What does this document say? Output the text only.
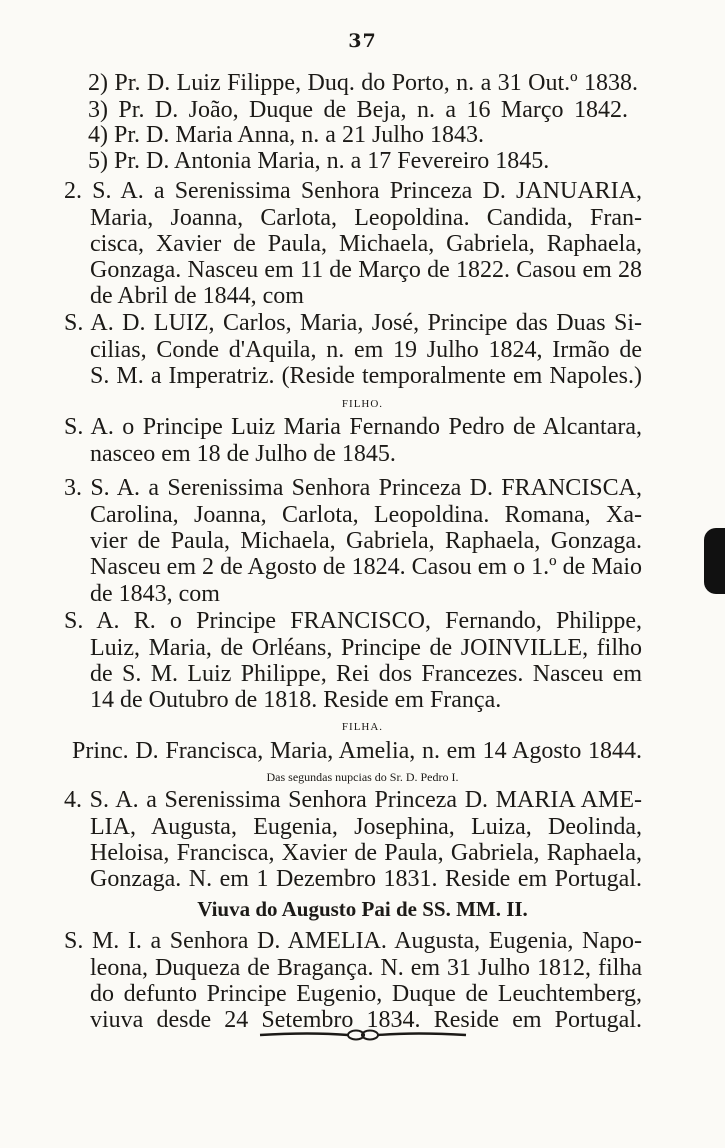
37
2) Pr. D. Luiz Filippe, Duq. do Porto, n. a 31 Out.º 1838.
3) Pr. D. João, Duque de Beja, n. a 16 Março 1842.
4) Pr. D. Maria Anna, n. a 21 Julho 1843.
5) Pr. D. Antonia Maria, n. a 17 Fevereiro 1845.
2. S. A. a Serenissima Senhora Princeza D. JANUARIA,
Maria, Joanna, Carlota, Leopoldina. Candida, Fran-
cisca, Xavier de Paula, Michaela, Gabriela, Raphaela,
Gonzaga. Nasceu em 11 de Março de 1822. Casou em 28
de Abril de 1844, com
S. A. D. LUIZ, Carlos, Maria, José, Principe das Duas Si-
cilias, Conde d'Aquila, n. em 19 Julho 1824, Irmão de
S. M. a Imperatriz. (Reside temporalmente em Napoles.)
FILHO.
S. A. o Principe Luiz Maria Fernando Pedro de Alcantara,
nasceo em 18 de Julho de 1845.
3. S. A. a Serenissima Senhora Princeza D. FRANCISCA,
Carolina, Joanna, Carlota, Leopoldina. Romana, Xa-
vier de Paula, Michaela, Gabriela, Raphaela, Gonzaga.
Nasceu em 2 de Agosto de 1824. Casou em o 1.º de Maio
de 1843, com
S. A. R. o Principe FRANCISCO, Fernando, Philippe,
Luiz, Maria, de Orléans, Principe de JOINVILLE, filho
de S. M. Luiz Philippe, Rei dos Francezes. Nasceu em
14 de Outubro de 1818. Reside em França.
FILHA.
Princ. D. Francisca, Maria, Amelia, n. em 14 Agosto 1844.
Das segundas nupcias do Sr. D. Pedro I.
4. S. A. a Serenissima Senhora Princeza D. MARIA AME-
LIA, Augusta, Eugenia, Josephina, Luiza, Deolinda,
Heloisa, Francisca, Xavier de Paula, Gabriela, Raphaela,
Gonzaga. N. em 1 Dezembro 1831. Reside em Portugal.
Viuva do Augusto Pai de SS. MM. II.
S. M. I. a Senhora D. AMELIA. Augusta, Eugenia, Napo-
leona, Duqueza de Bragança. N. em 31 Julho 1812, filha
do defunto Principe Eugenio, Duque de Leuchtemberg,
viuva desde 24 Setembro 1834. Reside em Portugal.
